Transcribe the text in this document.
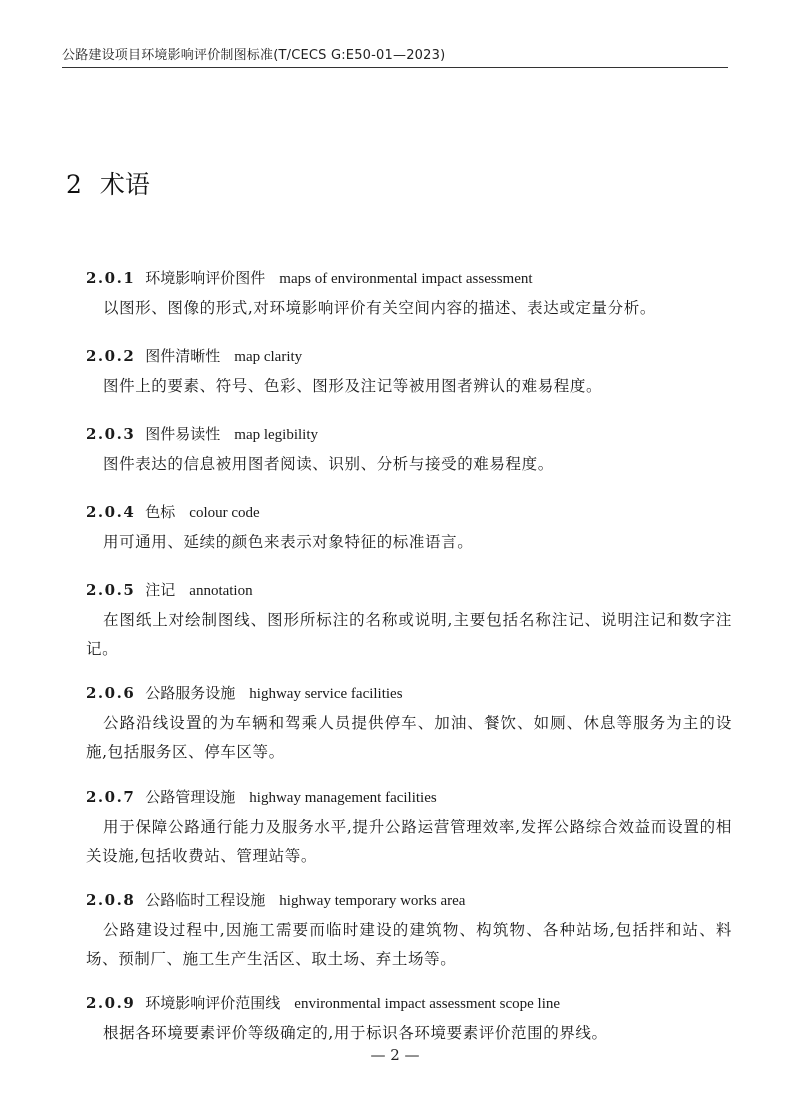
公路建设项目环境影响评价制图标准(T/CECS G:E50-01—2023)
2 术语
2.0.1 环境影响评价图件 maps of environmental impact assessment
以图形、图像的形式,对环境影响评价有关空间内容的描述、表达或定量分析。
2.0.2 图件清晰性 map clarity
图件上的要素、符号、色彩、图形及注记等被用图者辨认的难易程度。
2.0.3 图件易读性 map legibility
图件表达的信息被用图者阅读、识别、分析与接受的难易程度。
2.0.4 色标 colour code
用可通用、延续的颜色来表示对象特征的标准语言。
2.0.5 注记 annotation
在图纸上对绘制图线、图形所标注的名称或说明,主要包括名称注记、说明注记和数字注记。
2.0.6 公路服务设施 highway service facilities
公路沿线设置的为车辆和驾乘人员提供停车、加油、餐饮、如厕、休息等服务为主的设施,包括服务区、停车区等。
2.0.7 公路管理设施 highway management facilities
用于保障公路通行能力及服务水平,提升公路运营管理效率,发挥公路综合效益而设置的相关设施,包括收费站、管理站等。
2.0.8 公路临时工程设施 highway temporary works area
公路建设过程中,因施工需要而临时建设的建筑物、构筑物、各种站场,包括拌和站、料场、预制厂、施工生产生活区、取土场、弃土场等。
2.0.9 环境影响评价范围线 environmental impact assessment scope line
根据各环境要素评价等级确定的,用于标识各环境要素评价范围的界线。
— 2 —
